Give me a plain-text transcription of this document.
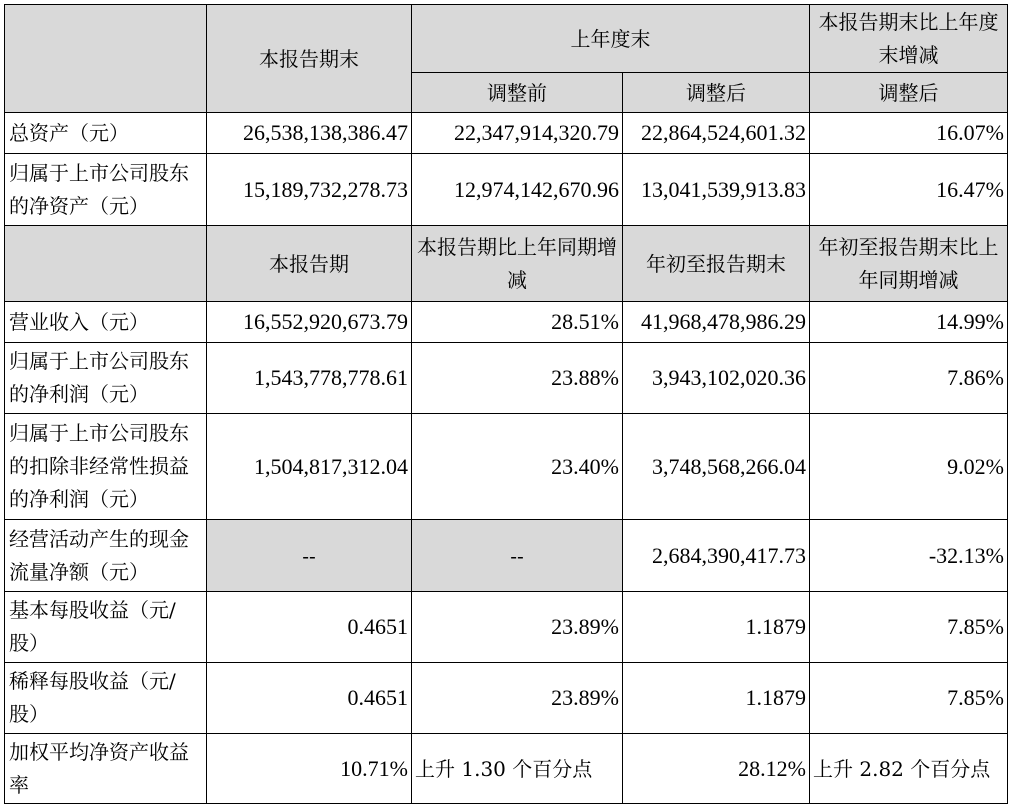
	本报告期末	上年度末		本报告期末比上年度末增减
		调整前	调整后	调整后
总资产（元）	26,538,138,386.47	22,347,914,320.79	22,864,524,601.32	16.07%
归属于上市公司股东的净资产（元）	15,189,732,278.73	12,974,142,670.96	13,041,539,913.83	16.47%
	本报告期	本报告期比上年同期增减	年初至报告期末	年初至报告期末比上年同期增减
营业收入（元）	16,552,920,673.79	28.51%	41,968,478,986.29	14.99%
归属于上市公司股东的净利润（元）	1,543,778,778.61	23.88%	3,943,102,020.36	7.86%
归属于上市公司股东的扣除非经常性损益的净利润（元）	1,504,817,312.04	23.40%	3,748,568,266.04	9.02%
经营活动产生的现金流量净额（元）	--	--	2,684,390,417.73	-32.13%
基本每股收益（元/股）	0.4651	23.89%	1.1879	7.85%
稀释每股收益（元/股）	0.4651	23.89%	1.1879	7.85%
加权平均净资产收益率	10.71%	上升 1.30 个百分点	28.12%	上升 2.82 个百分点
